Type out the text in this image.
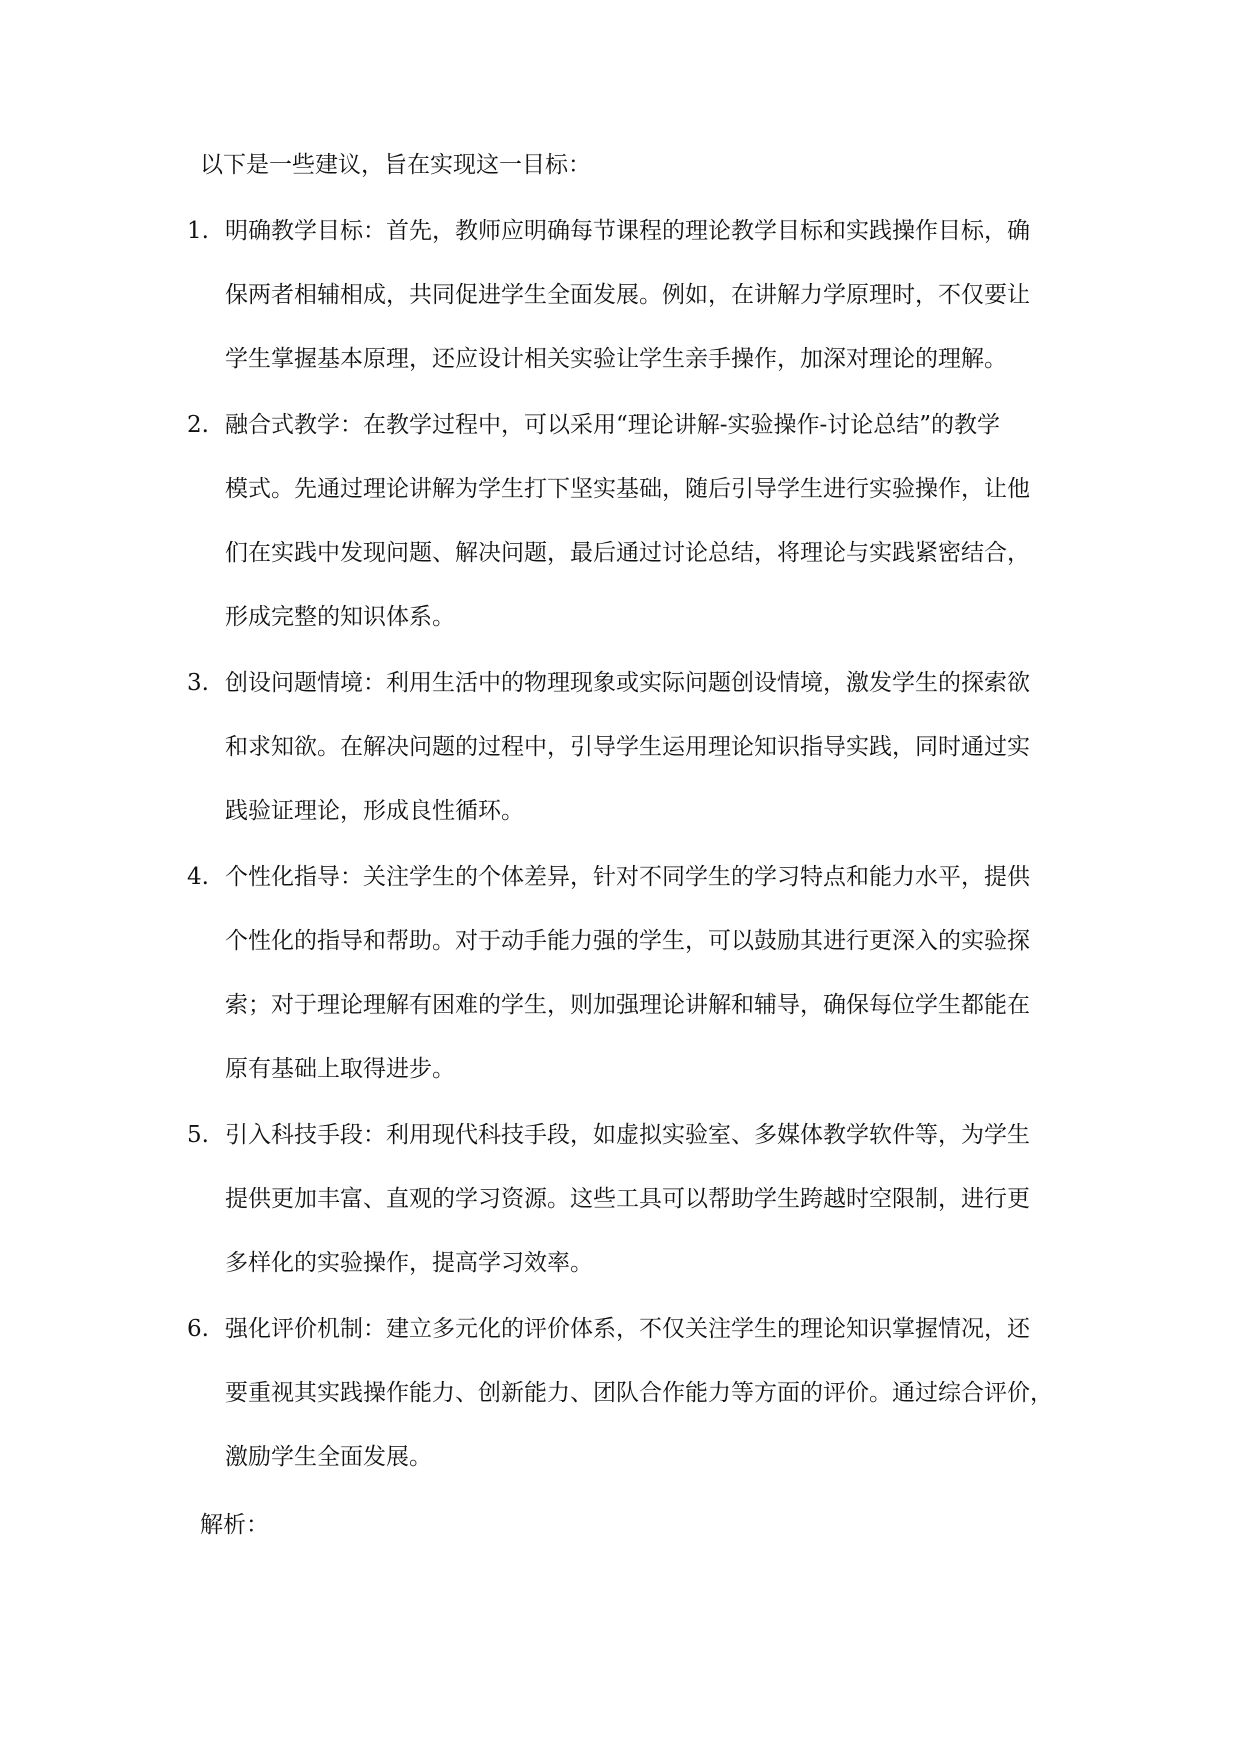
以下是一些建议，旨在实现这一目标：
1. 明确教学目标：首先，教师应明确每节课程的理论教学目标和实践操作目标，确
保两者相辅相成，共同促进学生全面发展。例如，在讲解力学原理时，不仅要让
学生掌握基本原理，还应设计相关实验让学生亲手操作，加深对理论的理解。
2. 融合式教学：在教学过程中，可以采用“理论讲解-实验操作-讨论总结”的教学
模式。先通过理论讲解为学生打下坚实基础，随后引导学生进行实验操作，让他
们在实践中发现问题、解决问题，最后通过讨论总结，将理论与实践紧密结合，
形成完整的知识体系。
3. 创设问题情境：利用生活中的物理现象或实际问题创设情境，激发学生的探索欲
和求知欲。在解决问题的过程中，引导学生运用理论知识指导实践，同时通过实
践验证理论，形成良性循环。
4. 个性化指导：关注学生的个体差异，针对不同学生的学习特点和能力水平，提供
个性化的指导和帮助。对于动手能力强的学生，可以鼓励其进行更深入的实验探
索；对于理论理解有困难的学生，则加强理论讲解和辅导，确保每位学生都能在
原有基础上取得进步。
5. 引入科技手段：利用现代科技手段，如虚拟实验室、多媒体教学软件等，为学生
提供更加丰富、直观的学习资源。这些工具可以帮助学生跨越时空限制，进行更
多样化的实验操作，提高学习效率。
6. 强化评价机制：建立多元化的评价体系，不仅关注学生的理论知识掌握情况，还
要重视其实践操作能力、创新能力、团队合作能力等方面的评价。通过综合评价，
激励学生全面发展。
解析：
